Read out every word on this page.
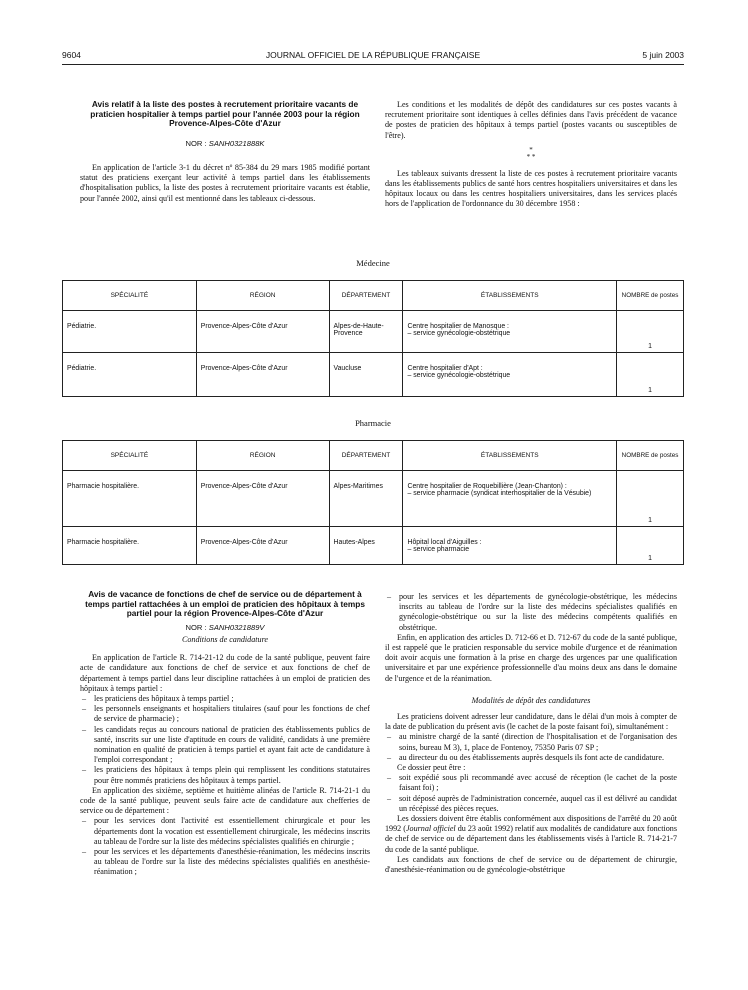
9604	JOURNAL OFFICIEL DE LA RÉPUBLIQUE FRANÇAISE	5 juin 2003
Avis relatif à la liste des postes à recrutement prioritaire vacants de praticien hospitalier à temps partiel pour l'année 2003 pour la région Provence-Alpes-Côte d'Azur
NOR : SANH0321888K

En application de l'article 3-1 du décret nº 85-384 du 29 mars 1985 modifié portant statut des praticiens exerçant leur activité à temps partiel dans les établissements d'hospitalisation publics, la liste des postes à recrutement prioritaire vacants est établie, pour l'année 2002, ainsi qu'il est mentionné dans les tableaux ci-dessous.

Les conditions et les modalités de dépôt des candidatures sur ces postes vacants à recrutement prioritaire sont identiques à celles définies dans l'avis précédent de vacance de postes de praticien des hôpitaux à temps partiel (postes vacants ou susceptibles de l'être).

*
* *

Les tableaux suivants dressent la liste de ces postes à recrutement prioritaire vacants dans les établissements publics de santé hors centres hospitaliers universitaires et dans les hôpitaux locaux ou dans les centres hospitaliers universitaires, dans les services placés hors de l'application de l'ordonnance du 30 décembre 1958 :

Médecine
SPÉCIALITÉ	RÉGION	DÉPARTEMENT	ÉTABLISSEMENTS	NOMBRE de postes
Pédiatrie.	Provence-Alpes-Côte d'Azur	Alpes-de-Haute-Provence	Centre hospitalier de Manosque :
– service gynécologie-obstétrique	1
Pédiatrie.	Provence-Alpes-Côte d'Azur	Vaucluse	Centre hospitalier d'Apt :
– service gynécologie-obstétrique	1
Pharmacie
SPÉCIALITÉ	RÉGION	DÉPARTEMENT	ÉTABLISSEMENTS	NOMBRE de postes
Pharmacie hospitalière.	Provence-Alpes-Côte d'Azur	Alpes-Maritimes	Centre hospitalier de Roquebillière (Jean-Chanton) :
– service pharmacie (syndicat interhospitalier de la Vésubie)	1
Pharmacie hospitalière.	Provence-Alpes-Côte d'Azur	Hautes-Alpes	Hôpital local d'Aiguilles :
– service pharmacie	1
Avis de vacance de fonctions de chef de service ou de département à temps partiel rattachées à un emploi de praticien des hôpitaux à temps partiel pour la région Provence-Alpes-Côte d'Azur
NOR : SANH0321889V
Conditions de candidature

En application de l'article R. 714-21-12 du code de la santé publique, peuvent faire acte de candidature aux fonctions de chef de service et aux fonctions de chef de département à temps partiel dans leur discipline rattachées à un emploi de praticien des hôpitaux à temps partiel :

– les praticiens des hôpitaux à temps partiel ;
– les personnels enseignants et hospitaliers titulaires (sauf pour les fonctions de chef de service de pharmacie) ;
– les candidats reçus au concours national de praticien des établissements publics de santé, inscrits sur une liste d'aptitude en cours de validité, candidats à une première nomination en qualité de praticien à temps partiel et ayant fait acte de candidature à l'emploi correspondant ;
– les praticiens des hôpitaux à temps plein qui remplissent les conditions statutaires pour être nommés praticiens des hôpitaux à temps partiel.

En application des sixième, septième et huitième alinéas de l'article R. 714-21-1 du code de la santé publique, peuvent seuls faire acte de candidature aux chefferies de service ou de département :

– pour les services dont l'activité est essentiellement chirurgicale et pour les départements dont la vocation est essentiellement chirurgicale, les médecins inscrits au tableau de l'ordre sur la liste des médecins spécialistes qualifiés en chirurgie ;
– pour les services et les départements d'anesthésie-réanimation, les médecins inscrits au tableau de l'ordre sur la liste des médecins spécialistes qualifiés en anesthésie-réanimation ;
– pour les services et les départements de gynécologie-obstétrique, les médecins inscrits au tableau de l'ordre sur la liste des médecins spécialistes qualifiés en gynécologie-obstétrique ou sur la liste des médecins compétents qualifiés en obstétrique.

Enfin, en application des articles D. 712-66 et D. 712-67 du code de la santé publique, il est rappelé que le praticien responsable du service mobile d'urgence et de réanimation doit avoir acquis une formation à la prise en charge des urgences par une qualification universitaire et par une expérience professionnelle d'au moins deux ans dans le domaine de l'urgence et de la réanimation.

Modalités de dépôt des candidatures

Les praticiens doivent adresser leur candidature, dans le délai d'un mois à compter de la date de publication du présent avis (le cachet de la poste faisant foi), simultanément :

– au ministre chargé de la santé (direction de l'hospitalisation et de l'organisation des soins, bureau M 3), 1, place de Fontenoy, 75350 Paris 07 SP ;
– au directeur du ou des établissements auprès desquels ils font acte de candidature.

Ce dossier peut être :

– soit expédié sous pli recommandé avec accusé de réception (le cachet de la poste faisant foi) ;
– soit déposé auprès de l'administration concernée, auquel cas il est délivré au candidat un récépissé des pièces reçues.

Les dossiers doivent être établis conformément aux dispositions de l'arrêté du 20 août 1992 (Journal officiel du 23 août 1992) relatif aux modalités de candidature aux fonctions de chef de service ou de département dans les établissements visés à l'article R. 714-21-7 du code de la santé publique.

Les candidats aux fonctions de chef de service ou de département de chirurgie, d'anesthésie-réanimation ou de gynécologie-obstétrique
